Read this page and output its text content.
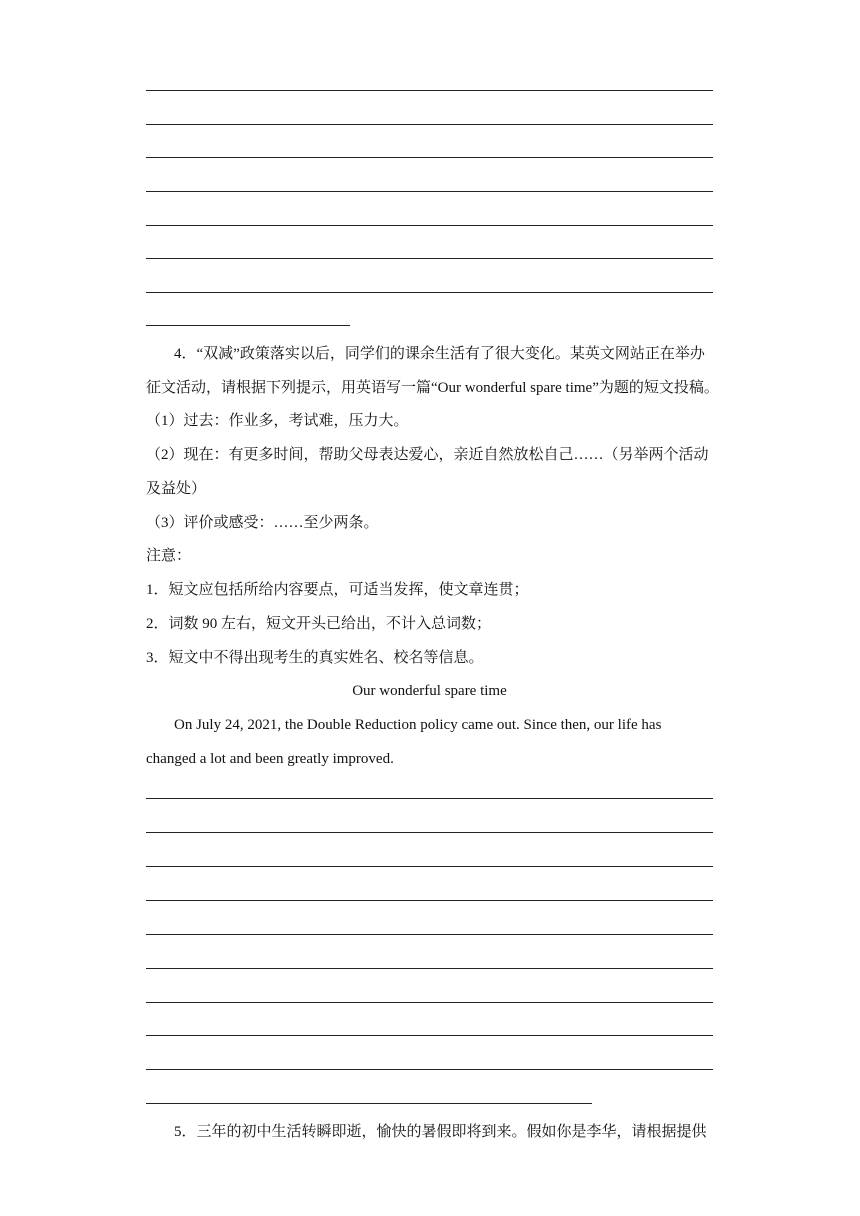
4．“双减”政策落实以后，同学们的课余生活有了很大变化。某英文网站正在举办
征文活动，请根据下列提示，用英语写一篇“Our wonderful spare time”为题的短文投稿。
（1）过去：作业多，考试难，压力大。
（2）现在：有更多时间，帮助父母表达爱心，亲近自然放松自己……（另举两个活动
及益处）
（3）评价或感受：……至少两条。
注意：
1．短文应包括所给内容要点，可适当发挥，使文章连贯；
2．词数 90 左右，短文开头已给出，不计入总词数；
3．短文中不得出现考生的真实姓名、校名等信息。
Our wonderful spare time
On July 24, 2021, the Double Reduction policy came out. Since then, our life has
changed a lot and been greatly improved.
5．三年的初中生活转瞬即逝，愉快的暑假即将到来。假如你是李华，请根据提供
